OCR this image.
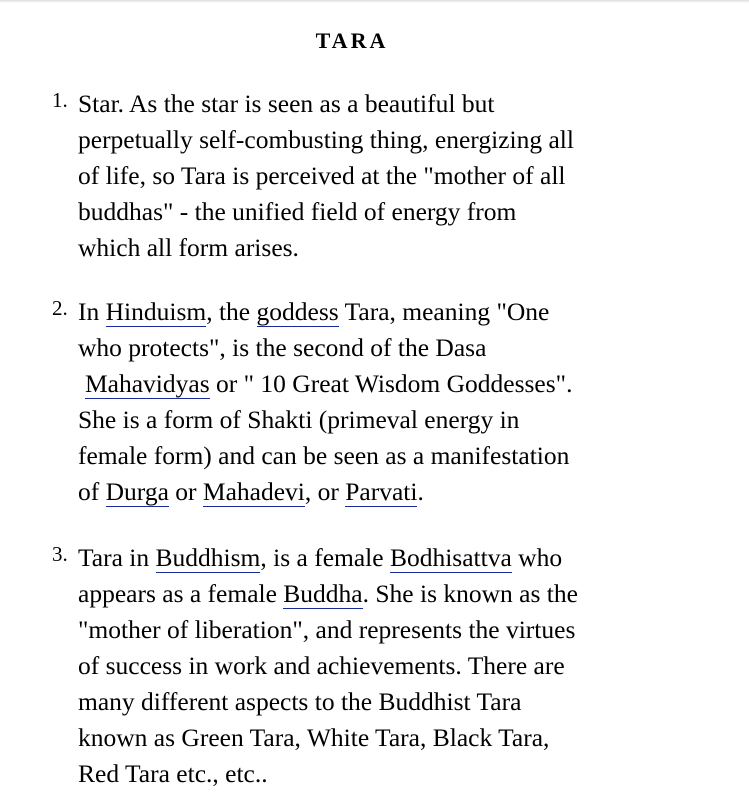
TARA
1. Star. As the star is seen as a beautiful but
perpetually self-combusting thing, energizing all
of life, so Tara is perceived at the "mother of all
buddhas" - the unified field of energy from
which all form arises.
2. In Hinduism, the goddess Tara, meaning "One
who protects", is the second of the Dasa
Mahavidyas or " 10 Great Wisdom Goddesses".
She is a form of Shakti (primeval energy in
female form) and can be seen as a manifestation
of Durga or Mahadevi, or Parvati.
3. Tara in Buddhism, is a female Bodhisattva who
appears as a female Buddha. She is known as the
"mother of liberation", and represents the virtues
of success in work and achievements. There are
many different aspects to the Buddhist Tara
known as Green Tara, White Tara, Black Tara,
Red Tara etc., etc..
